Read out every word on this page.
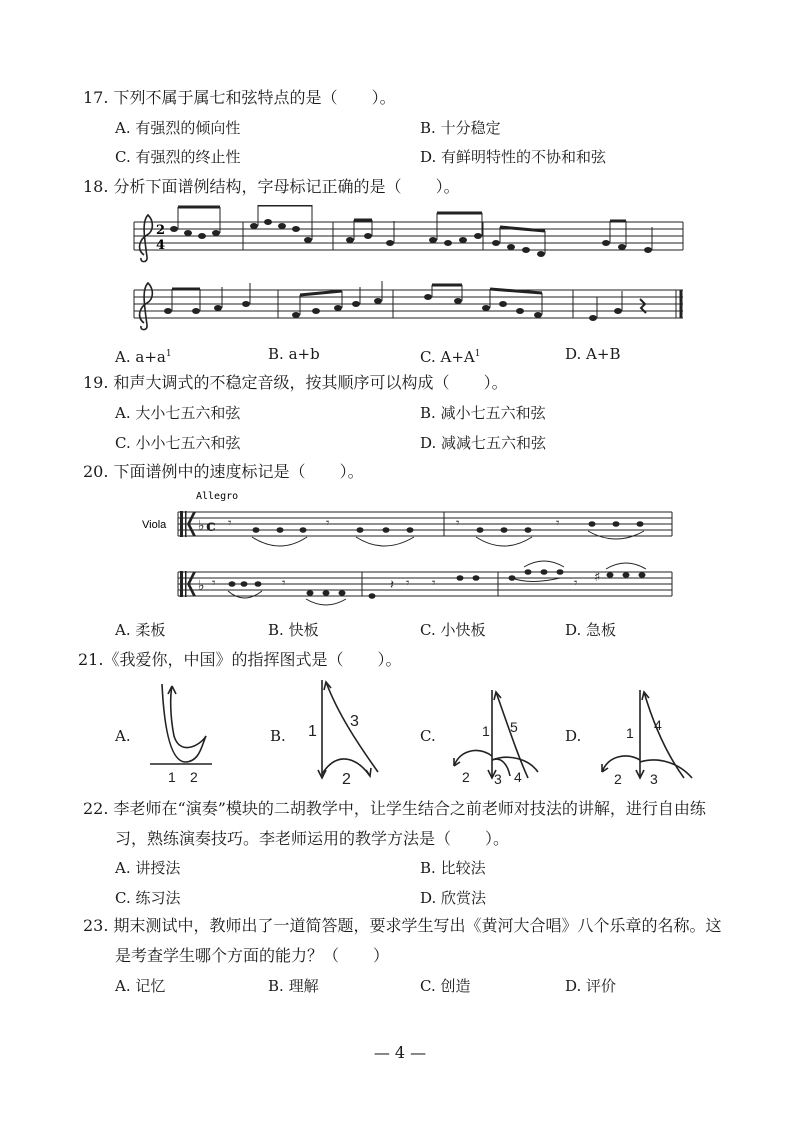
17. 下列不属于属七和弦特点的是（ ）。
A. 有强烈的倾向性	B. 十分稳定
C. 有强烈的终止性	D. 有鲜明特性的不协和和弦
18. 分析下面谱例结构，字母标记正确的是（ ）。
2
4
A. $a+a^1$	B. a+b	C. $A+A^1$	D. A+B
19. 和声大调式的不稳定音级，按其顺序可以构成（ ）。
A. 大小七五六和弦	B. 减小七五六和弦
C. 小小七五六和弦	D. 减减七五六和弦
20. 下面谱例中的速度标记是（ ）。
Allegro
Viola ♭ c
♭
𝄾	𝄾	𝄾	𝄾
𝄾	𝄾	𝄽 𝄾 𝄾	𝄾 ♯
A. 柔板	B. 快板	C. 小快板	D. 急板
21.《我爱你，中国》的指挥图式是（ ）。
A.
1 2
B. 1
2
3
C.	1
2 3 4
5	D.	1
2 3
4
22. 李老师在“演奏”模块的二胡教学中，让学生结合之前老师对技法的讲解，进行自由练
习，熟练演奏技巧。李老师运用的教学方法是（ ）。
A. 讲授法	B. 比较法
C. 练习法	D. 欣赏法
23. 期末测试中，教师出了一道简答题，要求学生写出《黄河大合唱》八个乐章的名称。这
是考查学生哪个方面的能力？（ ）
A. 记忆	B. 理解	C. 创造	D. 评价
— 4 —
